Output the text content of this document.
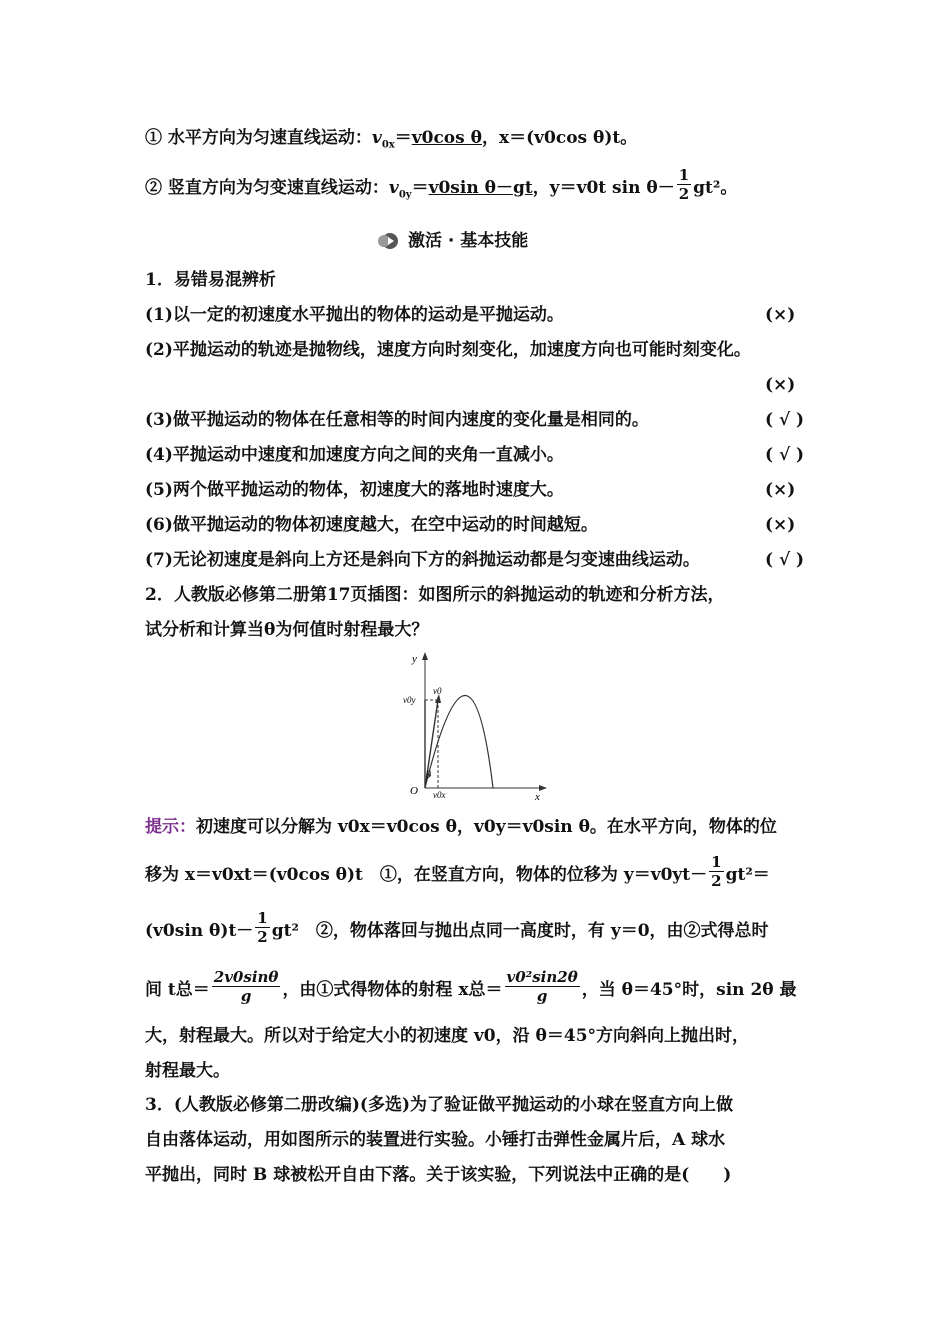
① 水平方向为匀速直线运动：$v_{0x}=v0\cos$ θ，x＝(v0cos θ)t。
② 竖直方向为匀变速直线运动：$v_{0y}=v0\sin$ θ－gt，y＝v0t $\sin \theta- \frac{1}{2} gt^2$。
激活 · 基本技能
1．易错易混辨析
(1)以一定的初速度水平抛出的物体的运动是平抛运动。	(×)
(2)平抛运动的轨迹是抛物线，速度方向时刻变化，加速度方向也可能时刻变化。
(×)
(3)做平抛运动的物体在任意相等的时间内速度的变化量是相同的。	( √ )
(4)平抛运动中速度和加速度方向之间的夹角一直减小。	( √ )
(5)两个做平抛运动的物体，初速度大的落地时速度大。	(×)
(6)做平抛运动的物体初速度越大，在空中运动的时间越短。	(×)
(7)无论初速度是斜向上方还是斜向下方的斜抛运动都是匀变速曲线运动。	( √ )
2．人教版必修第二册第17页插图：如图所示的斜抛运动的轨迹和分析方法，
试分析和计算当θ为何值时射程最大？
y
x
O
v0
v0y
v0x
θ
提示：初速度可以分解为 v0x＝v0cos θ，v0y＝v0sin θ。在水平方向，物体的位
移为 x＝v0xt＝(v0cos θ)t　①，在竖直方向，物体的位移为 $y=v0yt- \frac{1}{2} gt^2=$
(v0sin $\theta)t- \frac{1}{2} gt^2$　②，物体落回与抛出点同一高度时，有 y＝0，由②式得总时
间 t总＝ $\frac{2v0\sin\theta}{g}$ ，由①式得物体的射程 x总＝ $\frac{\text{v0²sin2θ}}{g}$ ，当 θ＝45°时，sin 2θ 最
大，射程最大。所以对于给定大小的初速度 v0，沿 θ＝45°方向斜向上抛出时，
射程最大。
3．(人教版必修第二册改编)(多选)为了验证做平抛运动的小球在竖直方向上做
自由落体运动，用如图所示的装置进行实验。小锤打击弹性金属片后，A 球水
平抛出，同时 B 球被松开自由下落。关于该实验，下列说法中正确的是(　　)
